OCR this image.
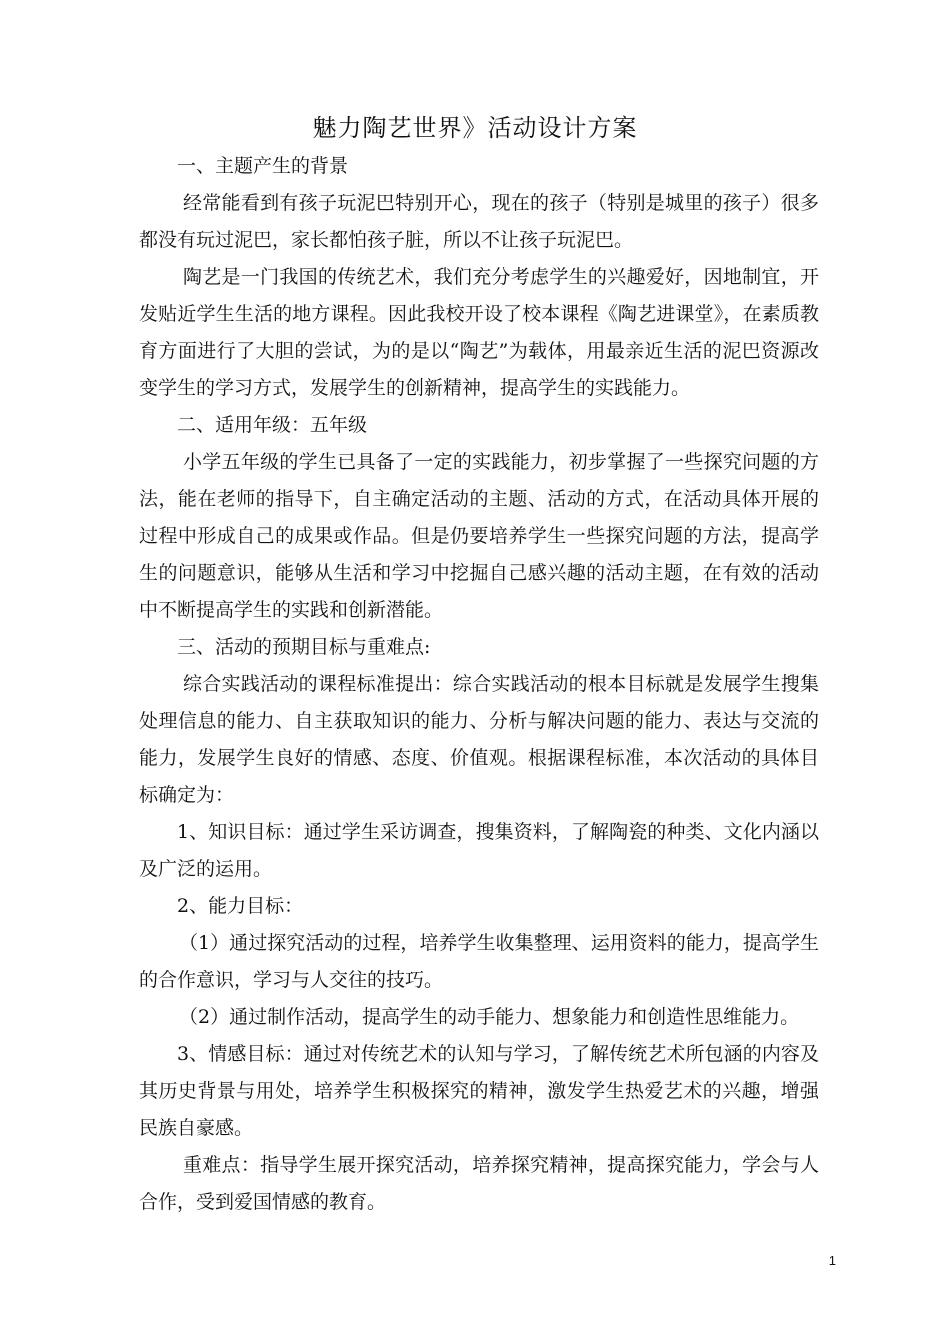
魅力陶艺世界》活动设计方案

一、主题产生的背景

经常能看到有孩子玩泥巴特别开心，现在的孩子（特别是城里的孩子）很多都没有玩过泥巴，家长都怕孩子脏，所以不让孩子玩泥巴。

陶艺是一门我国的传统艺术，我们充分考虑学生的兴趣爱好，因地制宜，开发贴近学生生活的地方课程。因此我校开设了校本课程《陶艺进课堂》，在素质教育方面进行了大胆的尝试，为的是以“陶艺”为载体，用最亲近生活的泥巴资源改变学生的学习方式，发展学生的创新精神，提高学生的实践能力。

二、适用年级：五年级

小学五年级的学生已具备了一定的实践能力，初步掌握了一些探究问题的方法，能在老师的指导下，自主确定活动的主题、活动的方式，在活动具体开展的过程中形成自己的成果或作品。但是仍要培养学生一些探究问题的方法，提高学生的问题意识，能够从生活和学习中挖掘自己感兴趣的活动主题，在有效的活动中不断提高学生的实践和创新潜能。

三、活动的预期目标与重难点:

综合实践活动的课程标准提出：综合实践活动的根本目标就是发展学生搜集处理信息的能力、自主获取知识的能力、分析与解决问题的能力、表达与交流的能力，发展学生良好的情感、态度、价值观。根据课程标准，本次活动的具体目标确定为：

1、知识目标：通过学生采访调查，搜集资料，了解陶瓷的种类、文化内涵以及广泛的运用。

2、能力目标：

（1）通过探究活动的过程，培养学生收集整理、运用资料的能力，提高学生的合作意识，学习与人交往的技巧。

（2）通过制作活动，提高学生的动手能力、想象能力和创造性思维能力。

3、情感目标：通过对传统艺术的认知与学习，了解传统艺术所包涵的内容及其历史背景与用处，培养学生积极探究的精神，激发学生热爱艺术的兴趣，增强民族自豪感。

重难点：指导学生展开探究活动，培养探究精神，提高探究能力，学会与人合作，受到爱国情感的教育。

1
